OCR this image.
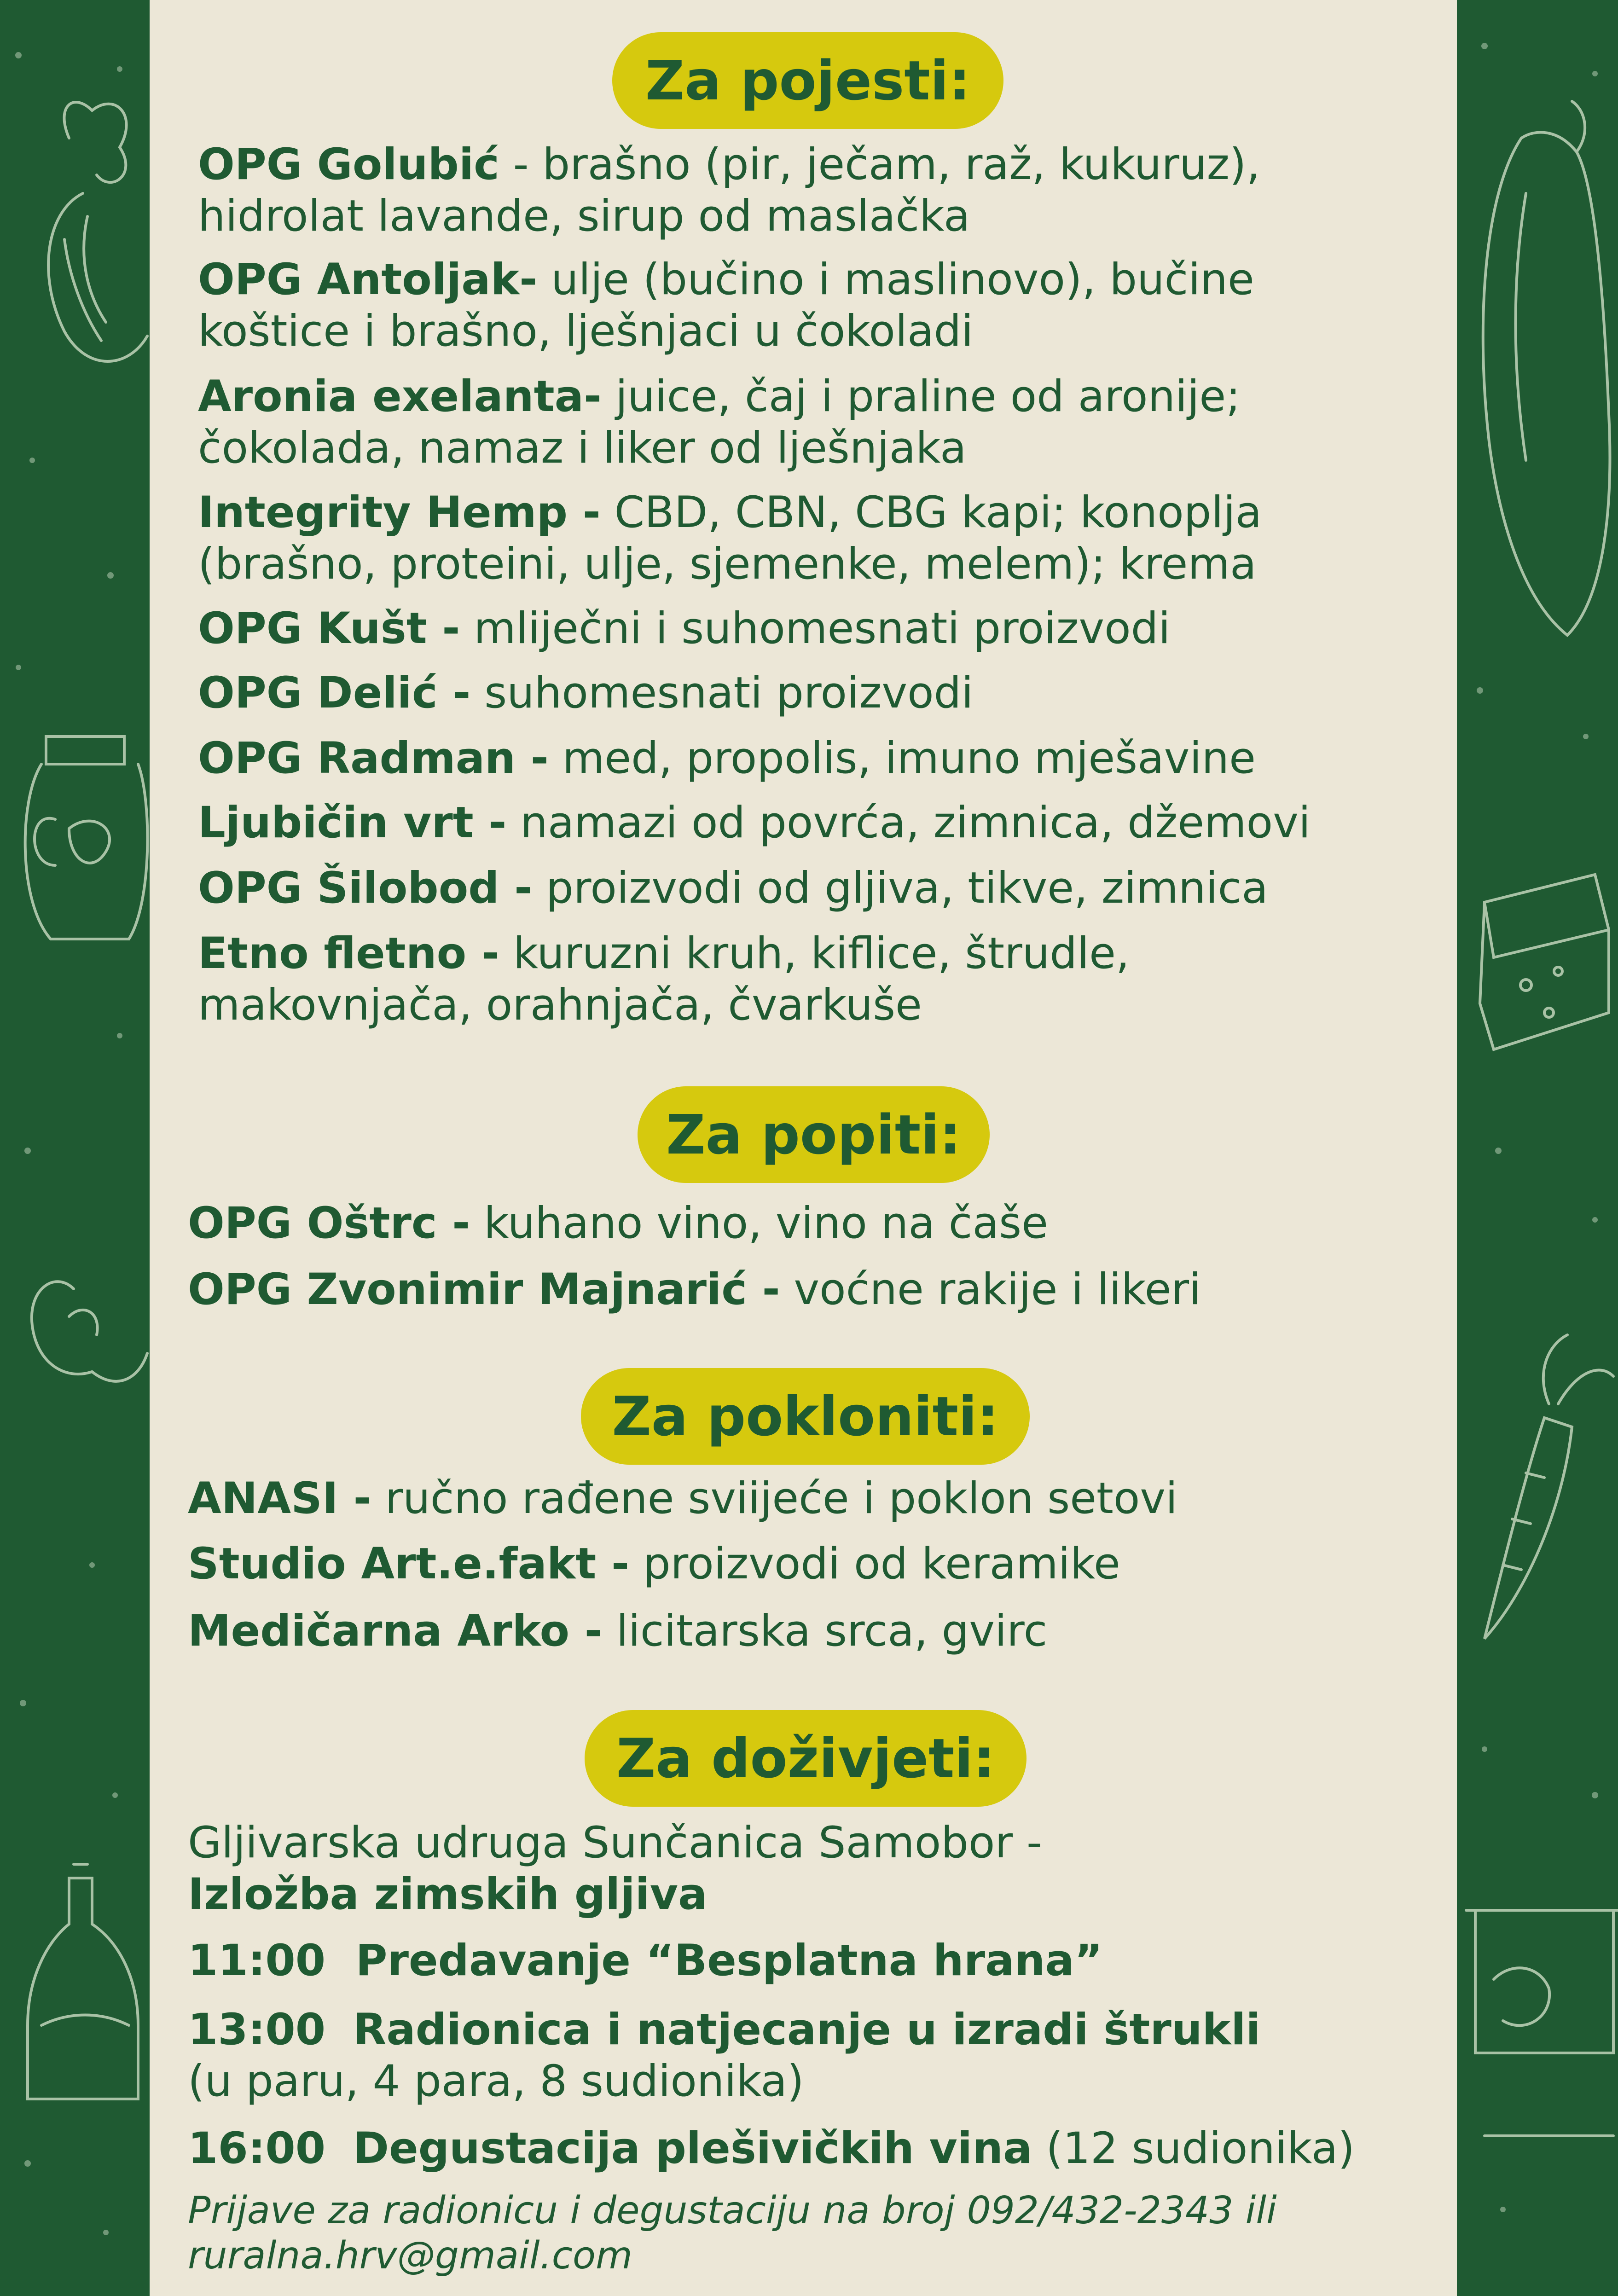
Za pojesti:
OPG Golubić - brašno (pir, ječam, raž, kukuruz),
hidrolat lavande, sirup od maslačka
OPG Antoljak- ulje (bučino i maslinovo), bučine
koštice i brašno, lješnjaci u čokoladi
Aronia exelanta- juice, čaj i praline od aronije;
čokolada, namaz i liker od lješnjaka
Integrity Hemp - CBD, CBN, CBG kapi; konoplja
(brašno, proteini, ulje, sjemenke, melem); krema
OPG Kušt - mliječni i suhomesnati proizvodi
OPG Delić - suhomesnati proizvodi
OPG Radman - med, propolis, imuno mješavine
Ljubičin vrt - namazi od povrća, zimnica, džemovi
OPG Šilobod - proizvodi od gljiva, tikve, zimnica
Etno fletno - kuruzni kruh, kiflice, štrudle,
makovnjača, orahnjača, čvarkuše
Za popiti:
OPG Oštrc - kuhano vino, vino na čaše
OPG Zvonimir Majnarić - voćne rakije i likeri
Za pokloniti:
ANASI - ručno rađene sviijeće i poklon setovi
Studio Art.e.fakt - proizvodi od keramike
Medičarna Arko - licitarska srca, gvirc
Za doživjeti:
Gljivarska udruga Sunčanica Samobor -
Izložba zimskih gljiva
11:00 Predavanje “Besplatna hrana”
13:00 Radionica i natjecanje u izradi štrukli
(u paru, 4 para, 8 sudionika)
16:00 Degustacija plešivičkih vina (12 sudionika)
Prijave za radionicu i degustaciju na broj 092/432-2343 ili
ruralna.hrv@gmail.com
